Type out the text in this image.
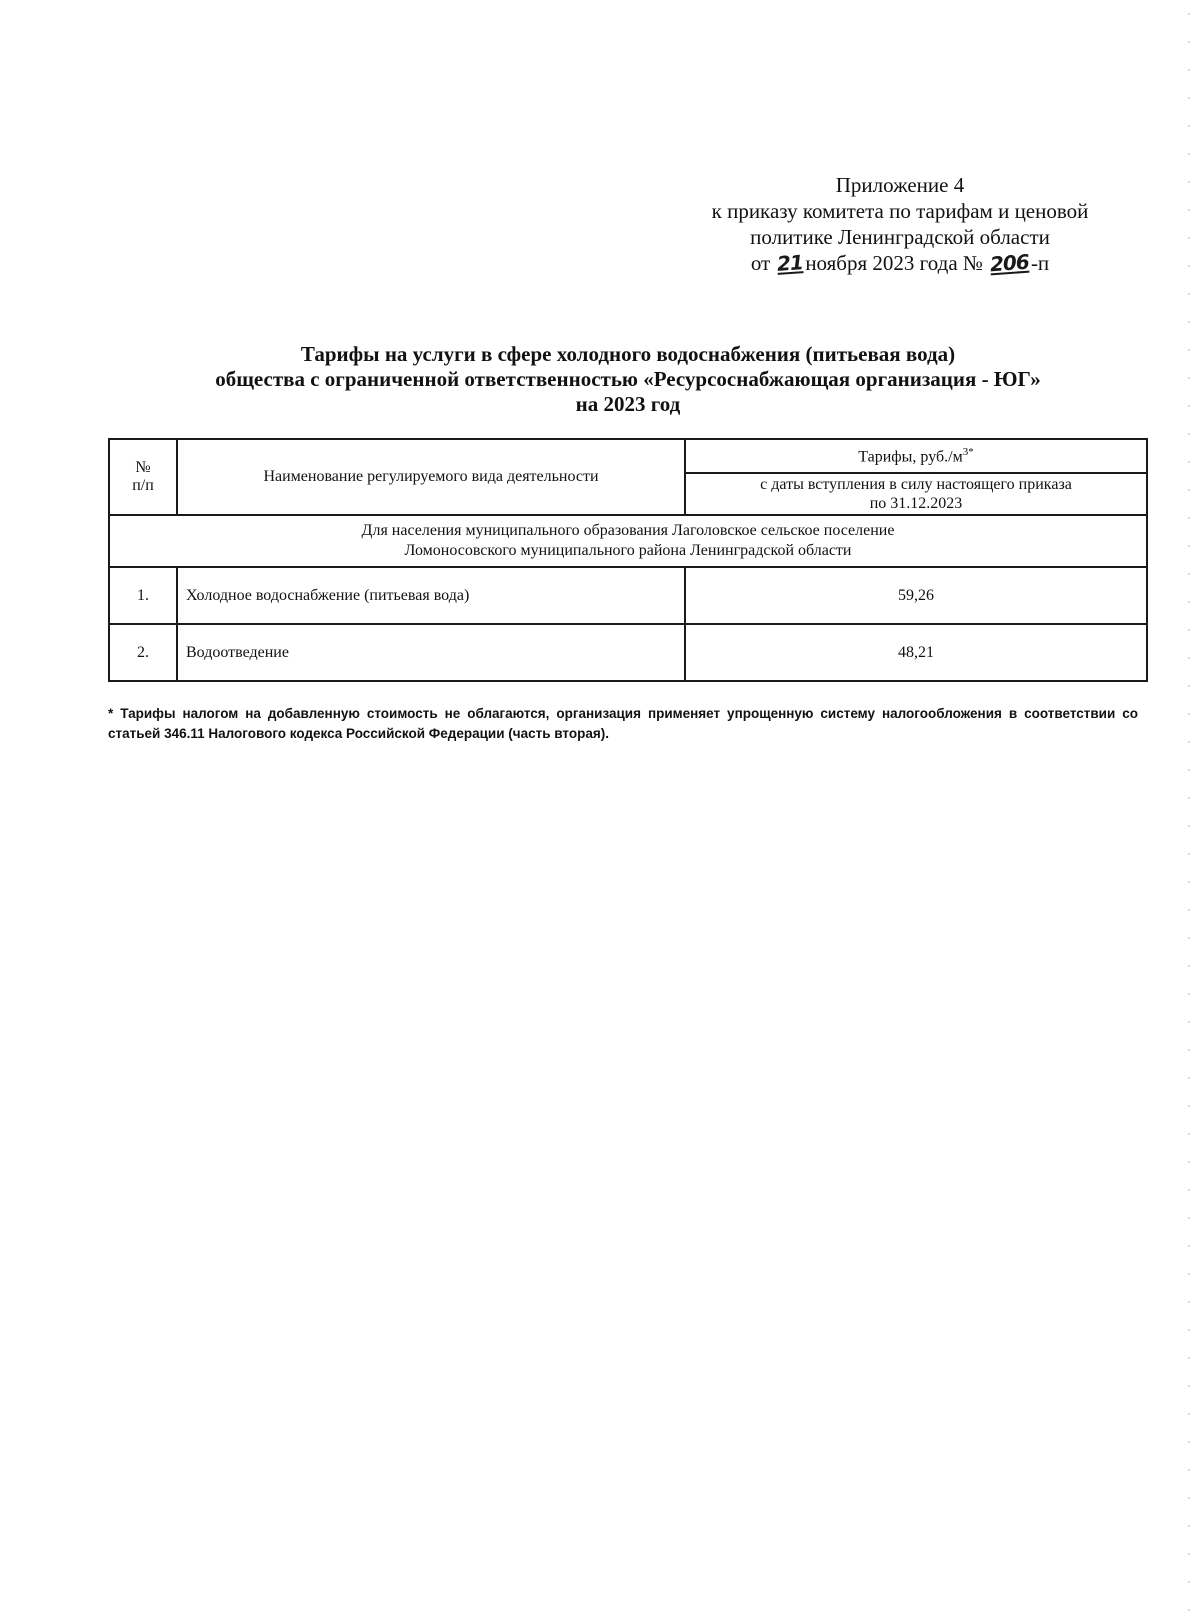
Приложение 4
к приказу комитета по тарифам и ценовой
политике Ленинградской области
от 21ноября 2023 года № 206-п
Тарифы на услуги в сфере холодного водоснабжения (питьевая вода)
общества с ограниченной ответственностью «Ресурсоснабжающая организация - ЮГ»
на 2023 год
№
п/п	Наименование регулируемого вида деятельности	Тарифы, $руб./м^{3*}$

		с даты вступления в силу настоящего приказа
по 31.12.2023

Для населения муниципального образования Лаголовское сельское поселение
Ломоносовского муниципального района Ленинградской области		

1.	Холодное водоснабжение (питьевая вода)	59,26
2.	Водоотведение	48,21
* Тарифы налогом на добавленную стоимость не облагаются, организация применяет упрощенную систему налогообложения в соответствии со статьей 346.11 Налогового кодекса Российской Федерации (часть вторая).
